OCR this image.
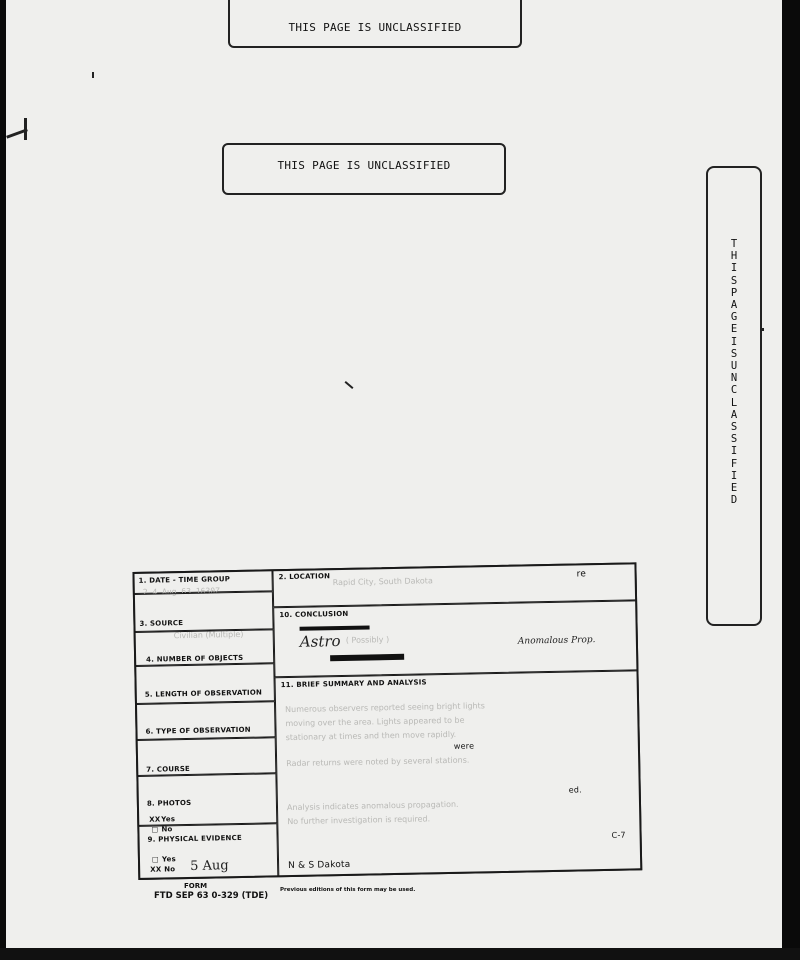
THIS PAGE IS UNCLASSIFIED
THIS PAGE IS UNCLASSIFIED
THIS PAGE IS UNCLASSIFIED
1. DATE - TIME GROUP
2 4 Aug 63 1630Z
2. LOCATION Rapid City, South Dakota
re
3. SOURCE
Civilian (Multiple)
10. CONCLUSION
Astro ( Possibly )	Anomalous Prop.
4. NUMBER OF OBJECTS
5. LENGTH OF OBSERVATION
11. BRIEF SUMMARY AND ANALYSIS
Numerous observers reported seeing bright lights
moving over the area. Lights appeared to be
stationary at times and then move rapidly.
were
Radar returns were noted by several stations.
ed.
Analysis indicates anomalous propagation.
No further investigation is required.
C-7
6. TYPE OF OBSERVATION
7. COURSE
8. PHOTOS
XX Yes
□ No
9. PHYSICAL EVIDENCE
□ Yes
XX No 5 Aug	N & S Dakota
FORM
FTD SEP 63 0-329 (TDE)
Previous editions of this form may be used.
